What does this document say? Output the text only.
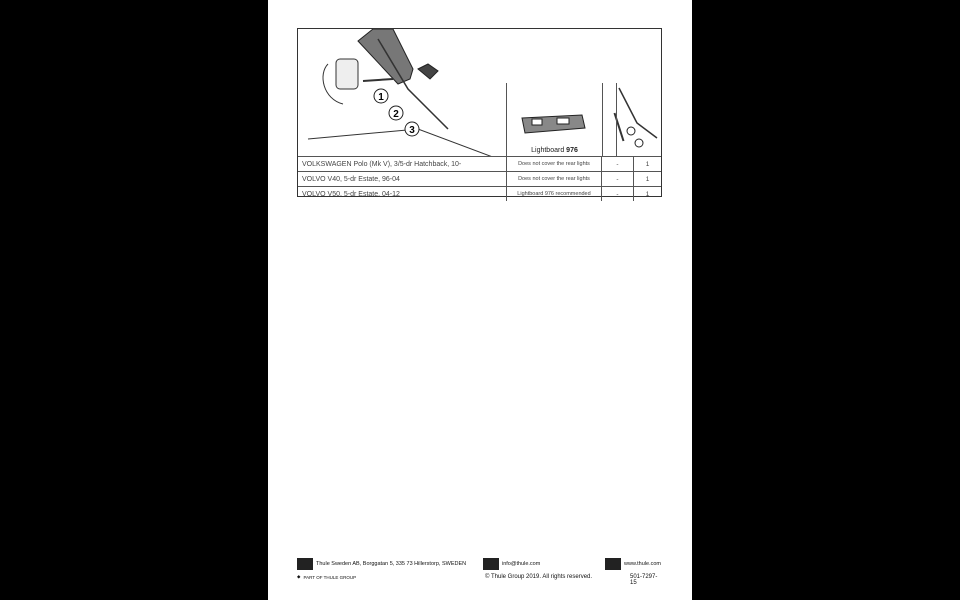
1
2
3
Lightboard 976
VOLKSWAGEN Polo (Mk V), 3/5-dr Hatchback, 10-	Does not cover the rear lights	-	1
VOLVO V40, 5-dr Estate, 96-04	Does not cover the rear lights	-	1
VOLVO V50, 5-dr Estate, 04-12	Lightboard 976 recommended	-	1
Thule Sweden AB, Borggatan 5, 335 73 Hillerstorp, SWEDEN	info@thule.com	www.thule.com
◆ PART OF THULE GROUP	© Thule Group 2019. All rights reserved.	501-7297-15
